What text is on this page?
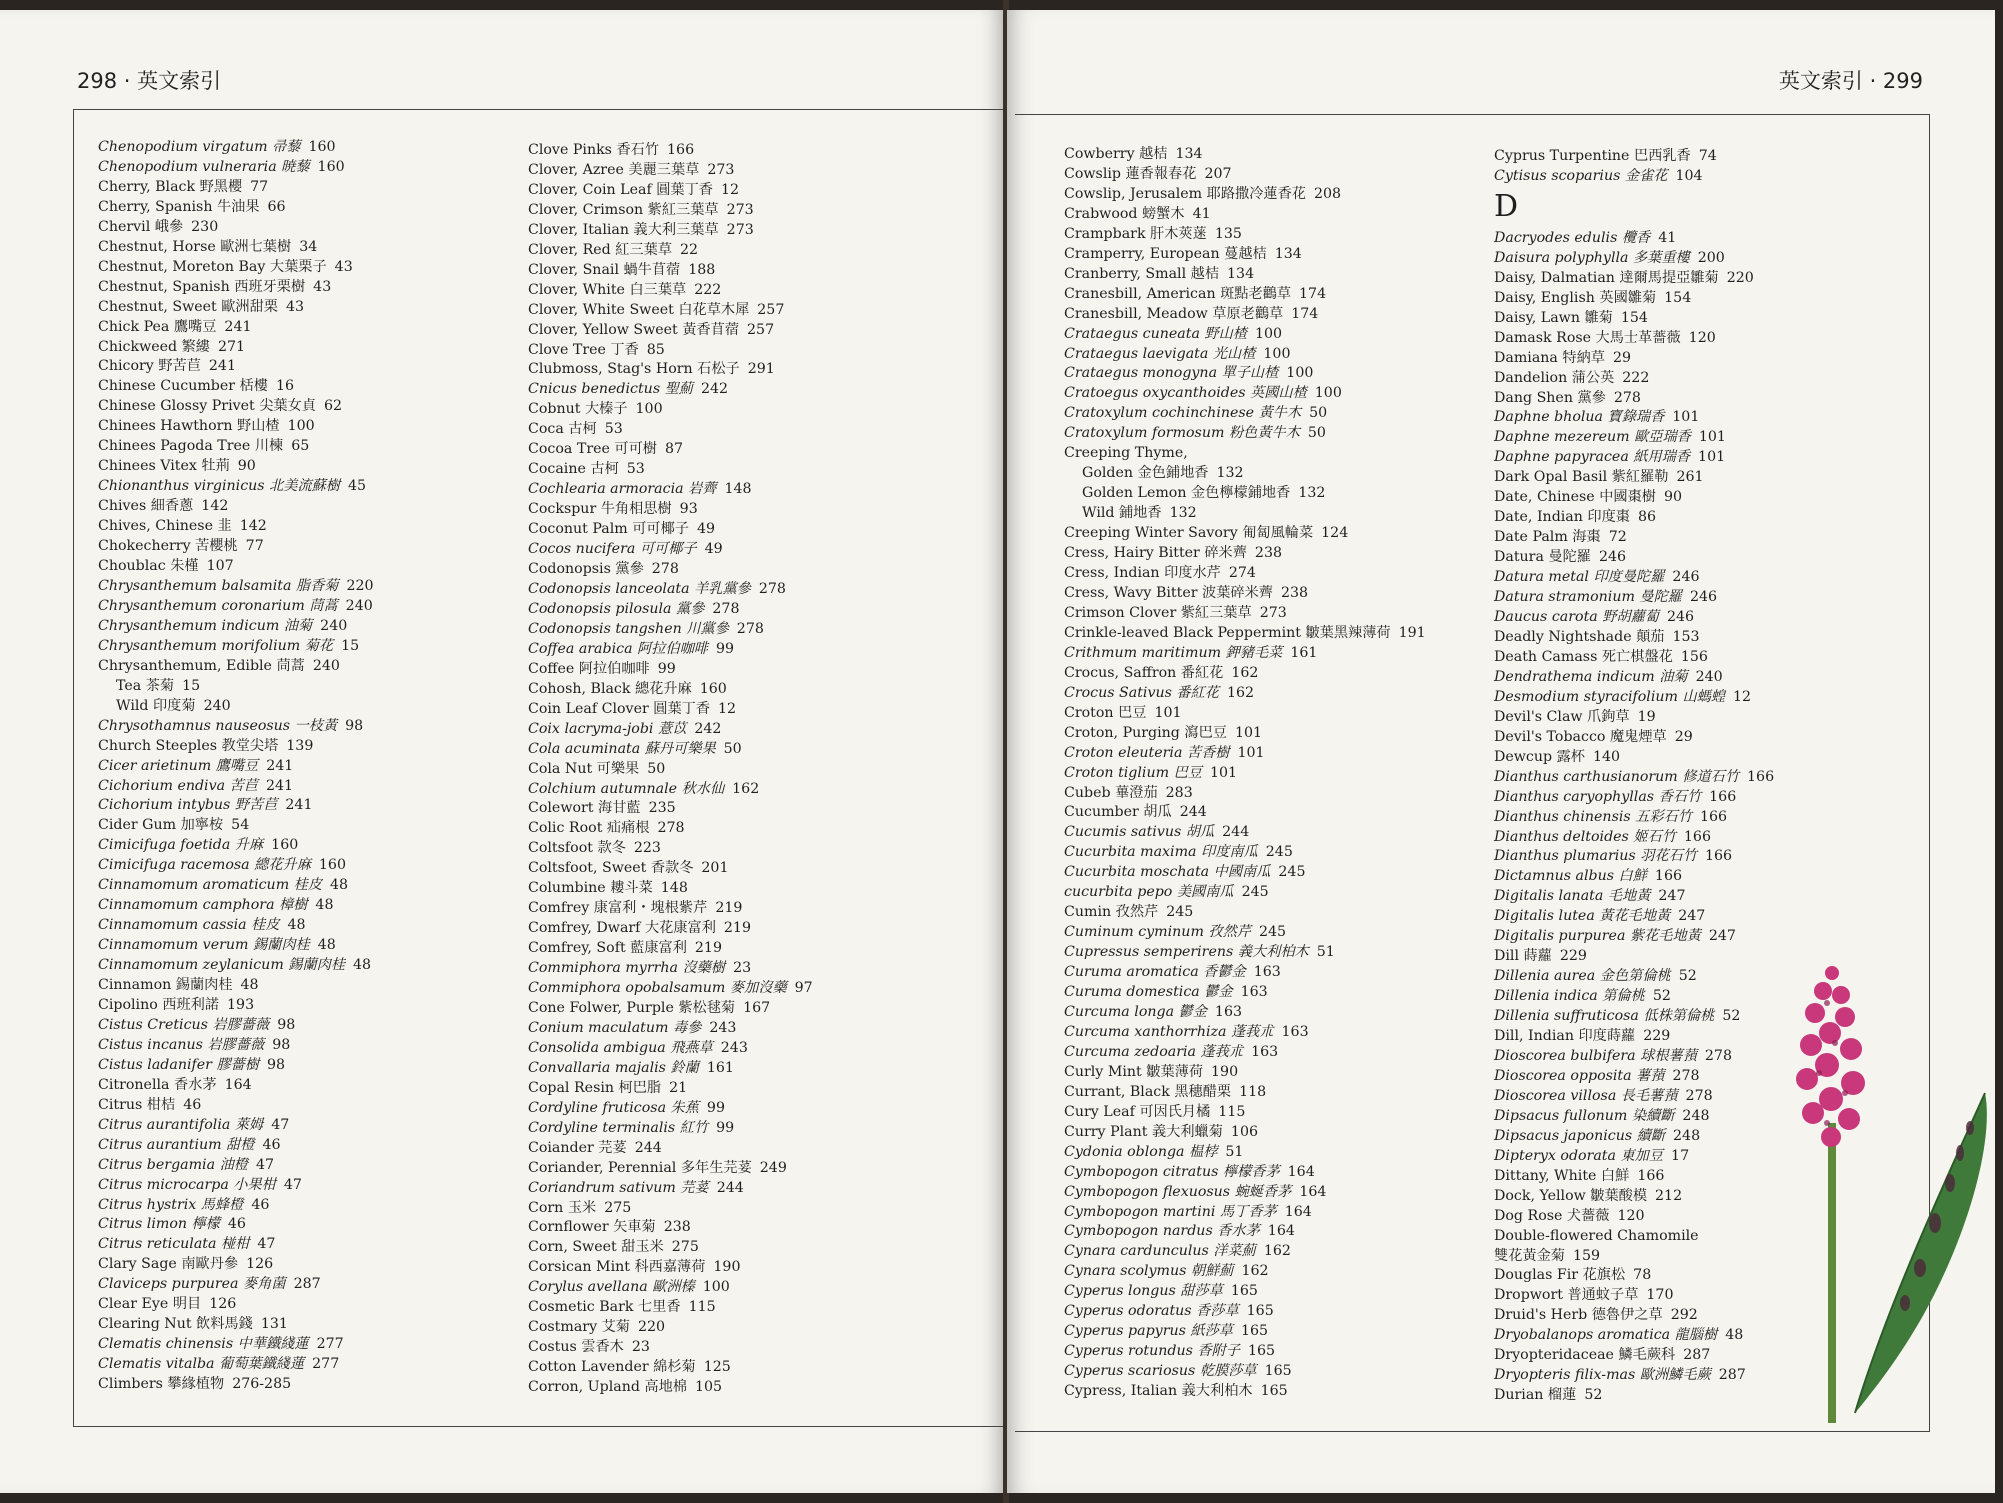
298 · 英文索引
Chenopodium virgatum 帚藜 160
Chenopodium vulneraria 暁藜 160
Cherry, Black 野黑櫻 77
Cherry, Spanish 牛油果 66
Chervil 峨參 230
Chestnut, Horse 歐洲七葉樹 34
Chestnut, Moreton Bay 大葉栗子 43
Chestnut, Spanish 西班牙栗樹 43
Chestnut, Sweet 歐洲甜栗 43
Chick Pea 鷹嘴豆 241
Chickweed 繁縷 271
Chicory 野苦苣 241
Chinese Cucumber 栝樓 16
Chinese Glossy Privet 尖葉女貞 62
Chinees Hawthorn 野山楂 100
Chinees Pagoda Tree 川楝 65
Chinees Vitex 牡荊 90
Chionanthus virginicus 北美流蘇樹 45
Chives 細香蔥 142
Chives, Chinese 韭 142
Chokecherry 苦櫻桃 77
Choublac 朱槿 107
Chrysanthemum balsamita 脂香菊 220
Chrysanthemum coronarium 茼蒿 240
Chrysanthemum indicum 油菊 240
Chrysanthemum morifolium 菊花 15
Chrysanthemum, Edible 茼蒿 240
Tea 茶菊 15
Wild 印度菊 240
Chrysothamnus nauseosus 一枝黃 98
Church Steeples 教堂尖塔 139
Cicer arietinum 鷹嘴豆 241
Cichorium endiva 苦苣 241
Cichorium intybus 野苦苣 241
Cider Gum 加寧桉 54
Cimicifuga foetida 升麻 160
Cimicifuga racemosa 總花升麻 160
Cinnamomum aromaticum 桂皮 48
Cinnamomum camphora 樟樹 48
Cinnamomum cassia 桂皮 48
Cinnamomum verum 錫蘭肉桂 48
Cinnamomum zeylanicum 錫蘭肉桂 48
Cinnamon 錫蘭肉桂 48
Cipolino 西班利諾 193
Cistus Creticus 岩膠薔薇 98
Cistus incanus 岩膠薔薇 98
Cistus ladanifer 膠薔樹 98
Citronella 香水茅 164
Citrus 柑桔 46
Citrus aurantifolia 萊姆 47
Citrus aurantium 甜橙 46
Citrus bergamia 油橙 47
Citrus microcarpa 小果柑 47
Citrus hystrix 馬蜂橙 46
Citrus limon 檸檬 46
Citrus reticulata 椪柑 47
Clary Sage 南歐丹參 126
Claviceps purpurea 麥角菌 287
Clear Eye 明目 126
Clearing Nut 飲料馬錢 131
Clematis chinensis 中華鐵綫蓮 277
Clematis vitalba 葡萄葉鐵綫蓮 277
Climbers 攀緣植物 276-285
Clove Pinks 香石竹 166
Clover, Azree 美麗三葉草 273
Clover, Coin Leaf 圓葉丁香 12
Clover, Crimson 紫紅三葉草 273
Clover, Italian 義大利三葉草 273
Clover, Red 紅三葉草 22
Clover, Snail 蝸牛苜蓿 188
Clover, White 白三葉草 222
Clover, White Sweet 白花草木犀 257
Clover, Yellow Sweet 黃香苜蓿 257
Clove Tree 丁香 85
Clubmoss, Stag's Horn 石松子 291
Cnicus benedictus 聖薊 242
Cobnut 大榛子 100
Coca 古柯 53
Cocoa Tree 可可樹 87
Cocaine 古柯 53
Cochlearia armoracia 岩薺 148
Cockspur 牛角相思樹 93
Coconut Palm 可可椰子 49
Cocos nucifera 可可椰子 49
Codonopsis 黨參 278
Codonopsis lanceolata 羊乳黨參 278
Codonopsis pilosula 黨參 278
Codonopsis tangshen 川黨參 278
Coffea arabica 阿拉伯咖啡 99
Coffee 阿拉伯咖啡 99
Cohosh, Black 總花升麻 160
Coin Leaf Clover 圓葉丁香 12
Coix lacryma-jobi 薏苡 242
Cola acuminata 蘇丹可樂果 50
Cola Nut 可樂果 50
Colchium autumnale 秋水仙 162
Colewort 海甘藍 235
Colic Root 疝痛根 278
Coltsfoot 款冬 223
Coltsfoot, Sweet 香款冬 201
Columbine 耬斗菜 148
Comfrey 康富利・塊根紫芹 219
Comfrey, Dwarf 大花康富利 219
Comfrey, Soft 藍康富利 219
Commiphora myrrha 沒藥樹 23
Commiphora opobalsamum 麥加沒藥 97
Cone Folwer, Purple 紫松毬菊 167
Conium maculatum 毒參 243
Consolida ambigua 飛燕草 243
Convallaria majalis 鈴蘭 161
Copal Resin 柯巴脂 21
Cordyline fruticosa 朱蕉 99
Cordyline terminalis 紅竹 99
Coiander 芫荽 244
Coriander, Perennial 多年生芫荽 249
Coriandrum sativum 芫荽 244
Corn 玉米 275
Cornflower 矢車菊 238
Corn, Sweet 甜玉米 275
Corsican Mint 科西嘉薄荷 190
Corylus avellana 歐洲榛 100
Cosmetic Bark 七里香 115
Costmary 艾菊 220
Costus 雲香木 23
Cotton Lavender 綿杉菊 125
Corron, Upland 高地棉 105
英文索引 · 299
Cowberry 越桔 134
Cowslip 蓮香報春花 207
Cowslip, Jerusalem 耶路撒冷蓮香花 208
Crabwood 螃蟹木 41
Crampbark 肝木莢蒾 135
Cramperry, European 蔓越桔 134
Cranberry, Small 越桔 134
Cranesbill, American 斑點老鸛草 174
Cranesbill, Meadow 草原老鸛草 174
Crataegus cuneata 野山楂 100
Crataegus laevigata 光山楂 100
Crataegus monogyna 單子山楂 100
Cratoegus oxycanthoides 英國山楂 100
Cratoxylum cochinchinese 黃牛木 50
Cratoxylum formosum 粉色黃牛木 50
Creeping Thyme,
Golden 金色鋪地香 132
Golden Lemon 金色檸檬鋪地香 132
Wild 鋪地香 132
Creeping Winter Savory 匍匐風輪菜 124
Cress, Hairy Bitter 碎米薺 238
Cress, Indian 印度水芹 274
Cress, Wavy Bitter 波葉碎米薺 238
Crimson Clover 紫紅三葉草 273
Crinkle-leaved Black Peppermint 皺葉黑辣薄荷 191
Crithmum maritimum 鉀豬毛菜 161
Crocus, Saffron 番紅花 162
Crocus Sativus 番紅花 162
Croton 巴豆 101
Croton, Purging 瀉巴豆 101
Croton eleuteria 苦香樹 101
Croton tiglium 巴豆 101
Cubeb 蓽澄茄 283
Cucumber 胡瓜 244
Cucumis sativus 胡瓜 244
Cucurbita maxima 印度南瓜 245
Cucurbita moschata 中國南瓜 245
cucurbita pepo 美國南瓜 245
Cumin 孜然芹 245
Cuminum cyminum 孜然芹 245
Cupressus semperirens 義大利柏木 51
Curuma aromatica 香鬱金 163
Curuma domestica 鬱金 163
Curcuma longa 鬱金 163
Curcuma xanthorrhiza 蓬莪朮 163
Curcuma zedoaria 蓬莪朮 163
Curly Mint 皺葉薄荷 190
Currant, Black 黑穗醋栗 118
Cury Leaf 可因氏月橘 115
Curry Plant 義大利蠟菊 106
Cydonia oblonga 榅桲 51
Cymbopogon citratus 檸檬香茅 164
Cymbopogon flexuosus 蜿蜒香茅 164
Cymbopogon martini 馬丁香茅 164
Cymbopogon nardus 香水茅 164
Cynara cardunculus 洋菜薊 162
Cynara scolymus 朝鮮薊 162
Cyperus longus 甜莎草 165
Cyperus odoratus 香莎草 165
Cyperus papyrus 紙莎草 165
Cyperus rotundus 香附子 165
Cyperus scariosus 乾膜莎草 165
Cypress, Italian 義大利柏木 165
Cyprus Turpentine 巴西乳香 74
Cytisus scoparius 金雀花 104
D
Dacryodes edulis 欖香 41
Daisura polyphylla 多葉重樓 200
Daisy, Dalmatian 達爾馬提亞雛菊 220
Daisy, English 英國雛菊 154
Daisy, Lawn 雛菊 154
Damask Rose 大馬士革薔薇 120
Damiana 特納草 29
Dandelion 蒲公英 222
Dang Shen 黨參 278
Daphne bholua 寶錄瑞香 101
Daphne mezereum 歐亞瑞香 101
Daphne papyracea 紙用瑞香 101
Dark Opal Basil 紫紅羅勒 261
Date, Chinese 中國棗樹 90
Date, Indian 印度棗 86
Date Palm 海棗 72
Datura 曼陀羅 246
Datura metal 印度曼陀羅 246
Datura stramonium 曼陀羅 246
Daucus carota 野胡蘿蔔 246
Deadly Nightshade 顛茄 153
Death Camass 死亡棋盤花 156
Dendrathema indicum 油菊 240
Desmodium styracifolium 山螞蝗 12
Devil's Claw 爪鉤草 19
Devil's Tobacco 魔鬼煙草 29
Dewcup 露杯 140
Dianthus carthusianorum 修道石竹 166
Dianthus caryophyllas 香石竹 166
Dianthus chinensis 五彩石竹 166
Dianthus deltoides 姬石竹 166
Dianthus plumarius 羽花石竹 166
Dictamnus albus 白鮮 166
Digitalis lanata 毛地黃 247
Digitalis lutea 黃花毛地黃 247
Digitalis purpurea 紫花毛地黃 247
Dill 蒔蘿 229
Dillenia aurea 金色第倫桃 52
Dillenia indica 第倫桃 52
Dillenia suffruticosa 低株第倫桃 52
Dill, Indian 印度蒔蘿 229
Dioscorea bulbifera 球根薯蕷 278
Dioscorea opposita 薯蕷 278
Dioscorea villosa 長毛薯蕷 278
Dipsacus fullonum 染續斷 248
Dipsacus japonicus 續斷 248
Dipteryx odorata 東加豆 17
Dittany, White 白鮮 166
Dock, Yellow 皺葉酸模 212
Dog Rose 犬薔薇 120
Double-flowered Chamomile
雙花黃金菊 159
Douglas Fir 花旗松 78
Dropwort 普通蚊子草 170
Druid's Herb 德魯伊之草 292
Dryobalanops aromatica 龍腦樹 48
Dryopteridaceae 鱗毛蕨科 287
Dryopteris filix-mas 歐洲鱗毛蕨 287
Durian 榴蓮 52
